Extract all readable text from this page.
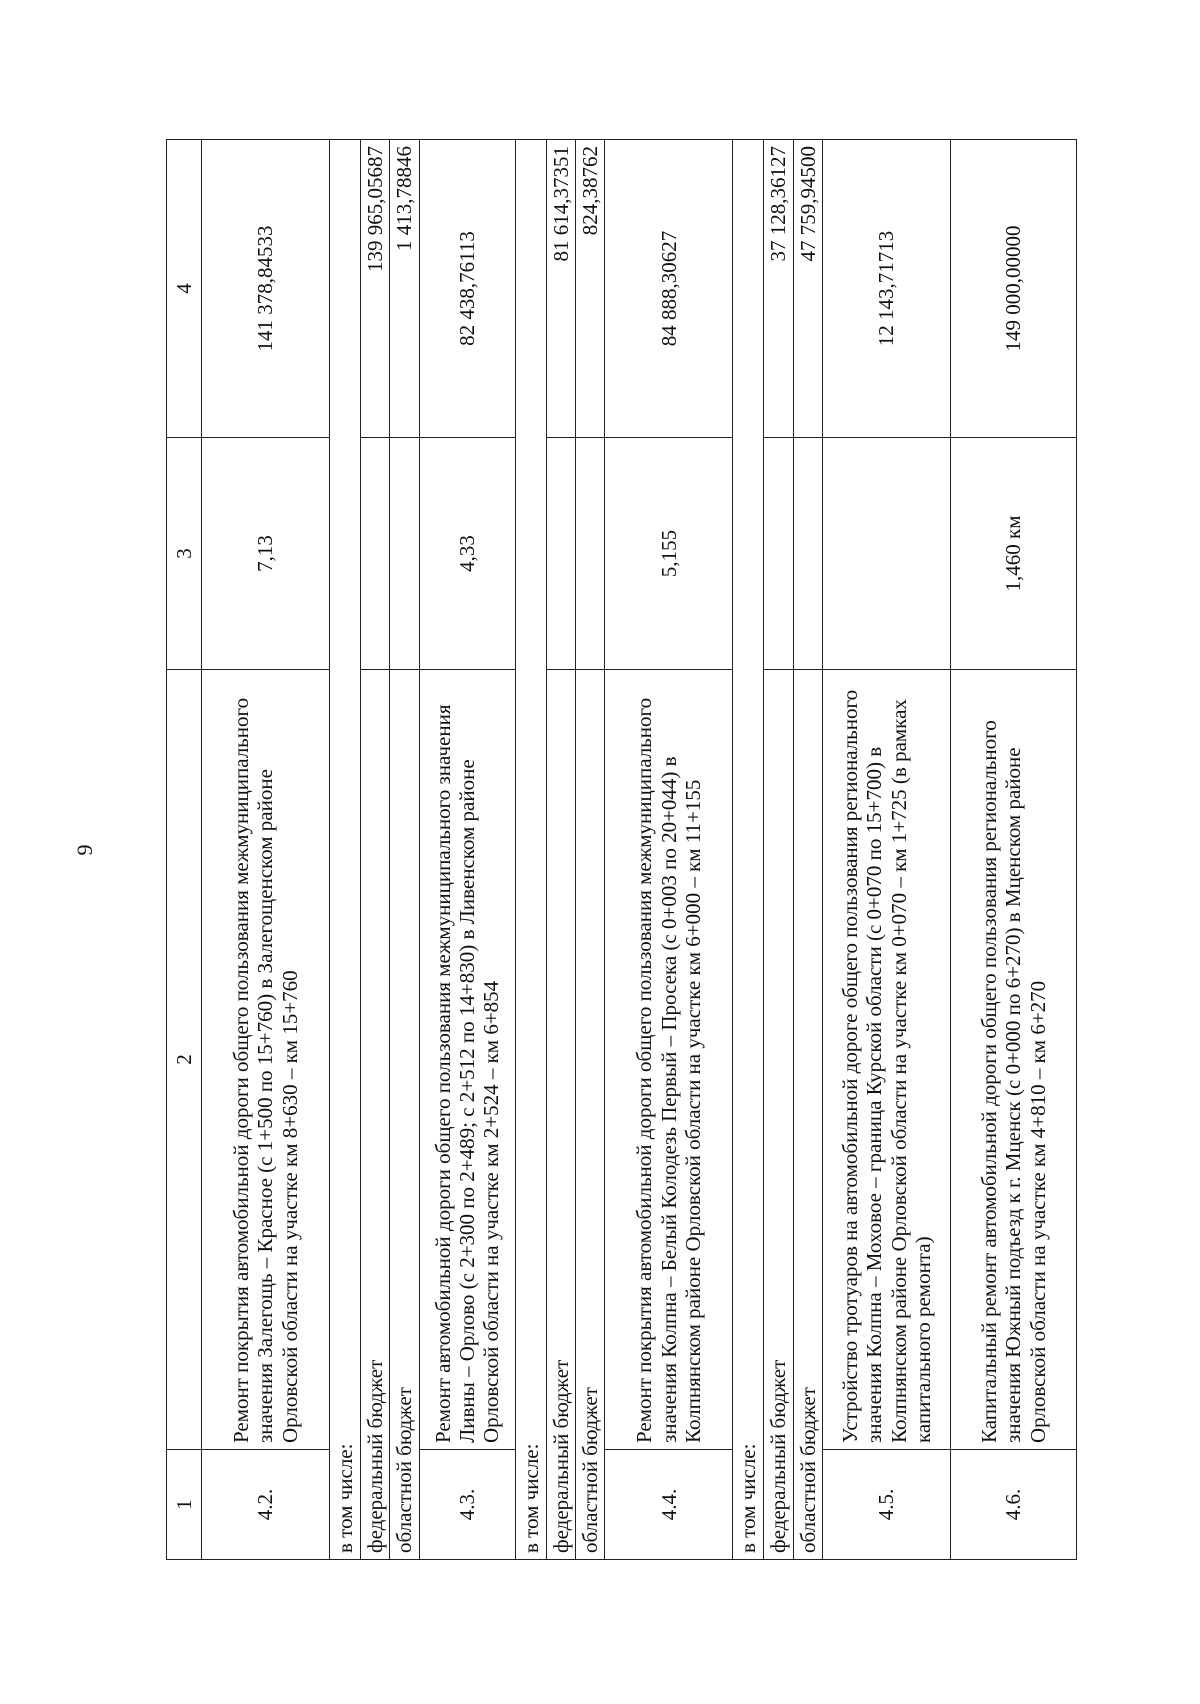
9
1	2	3	4
4.2.	Ремонт покрытия автомобильной дороги общего пользования межмуниципального значения Залегощь – Красное (с 1+500 по 15+760) в Залегощенском районе Орловской области на участке км 8+630 – км 15+760	7,13	141 378,84533
в том числе:			
федеральный бюджет			139 965,05687
областной бюджет			1 413,78846
4.3.	Ремонт автомобильной дороги общего пользования межмуниципального значения Ливны – Орлово (с 2+300 по 2+489; с 2+512 по 14+830) в Ливенском районе Орловской области на участке км 2+524 – км 6+854	4,33	82 438,76113
в том числе:			
федеральный бюджет			81 614,37351
областной бюджет			824,38762
4.4.	Ремонт покрытия автомобильной дороги общего пользования межмуниципального значения Колпна – Белый Колодезь Первый – Просека (с 0+003 по 20+044) в Колпнянском районе Орловской области на участке км 6+000 – км 11+155	5,155	84 888,30627
в том числе:			
федеральный бюджет			37 128,36127
областной бюджет			47 759,94500
4.5.	Устройство тротуаров на автомобильной дороге общего пользования регионального значения Колпна – Моховое – граница Курской области (с 0+070 по 15+700) в Колпнянском районе Орловской области на участке км 0+070 – км 1+725 (в рамках капитального ремонта)		12 143,71713
4.6.	Капитальный ремонт автомобильной дороги общего пользования регионального значения Южный подъезд к г. Мценск (с 0+000 по 6+270) в Мценском районе Орловской области на участке км 4+810 – км 6+270	1,460 км	149 000,00000
